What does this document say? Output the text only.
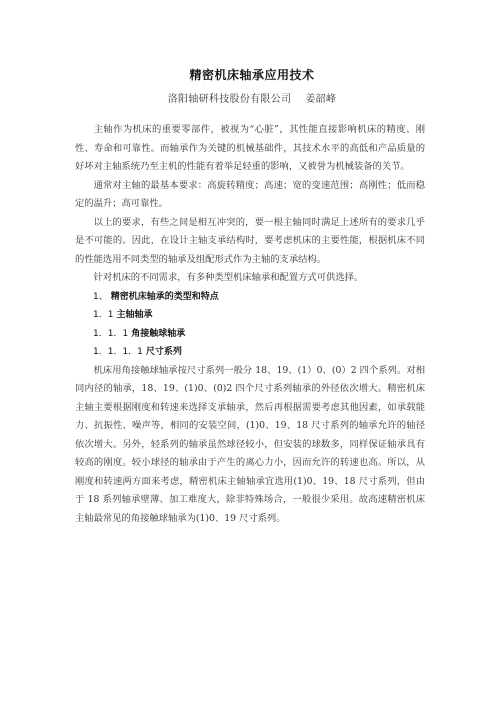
精密机床轴承应用技术
洛阳轴研科技股份有限公司 姜韶峰

主轴作为机床的重要零部件，被视为“心脏”，其性能直接影响机床的精度、刚性、寿命和可靠性。而轴承作为关键的机械基础件，其技术水平的高低和产品质量的好坏对主轴系统乃至主机的性能有着举足轻重的影响，又被誉为机械装备的关节。

通常对主轴的最基本要求：高旋转精度；高速；宽的变速范围；高刚性；低而稳定的温升；高可靠性。

以上的要求，有些之间是相互冲突的，要一根主轴同时满足上述所有的要求几乎是不可能的。因此，在设计主轴支承结构时，要考虑机床的主要性能，根据机床不同的性能选用不同类型的轴承及组配形式作为主轴的支承结构。

针对机床的不同需求，有多种类型机床轴承和配置方式可供选择。

1、 精密机床轴承的类型和特点

1．1 主轴轴承

1．1．1 角接触球轴承

1．1．1．1 尺寸系列

机床用角接触球轴承按尺寸系列一般分 18、19、(1）0、(0）2 四个系列。对相同内径的轴承，18、19、(1)0、(0)2 四个尺寸系列轴承的外径依次增大。精密机床主轴主要根据刚度和转速来选择支承轴承，然后再根据需要考虑其他因素，如承载能力、抗振性、噪声等，相同的安装空间，(1)0、19、18 尺寸系列的轴承允许的轴径依次增大。另外，轻系列的轴承虽然球径较小，但安装的球数多，同样保证轴承具有较高的刚度。较小球径的轴承由于产生的离心力小，因而允许的转速也高。所以，从刚度和转速两方面来考虑，精密机床主轴轴承宜选用(1)0、19、18 尺寸系列，但由于 18 系列轴承壁薄、加工难度大，除非特殊场合，一般很少采用。故高速精密机床主轴最常见的角接触球轴承为(1)0、19 尺寸系列。
